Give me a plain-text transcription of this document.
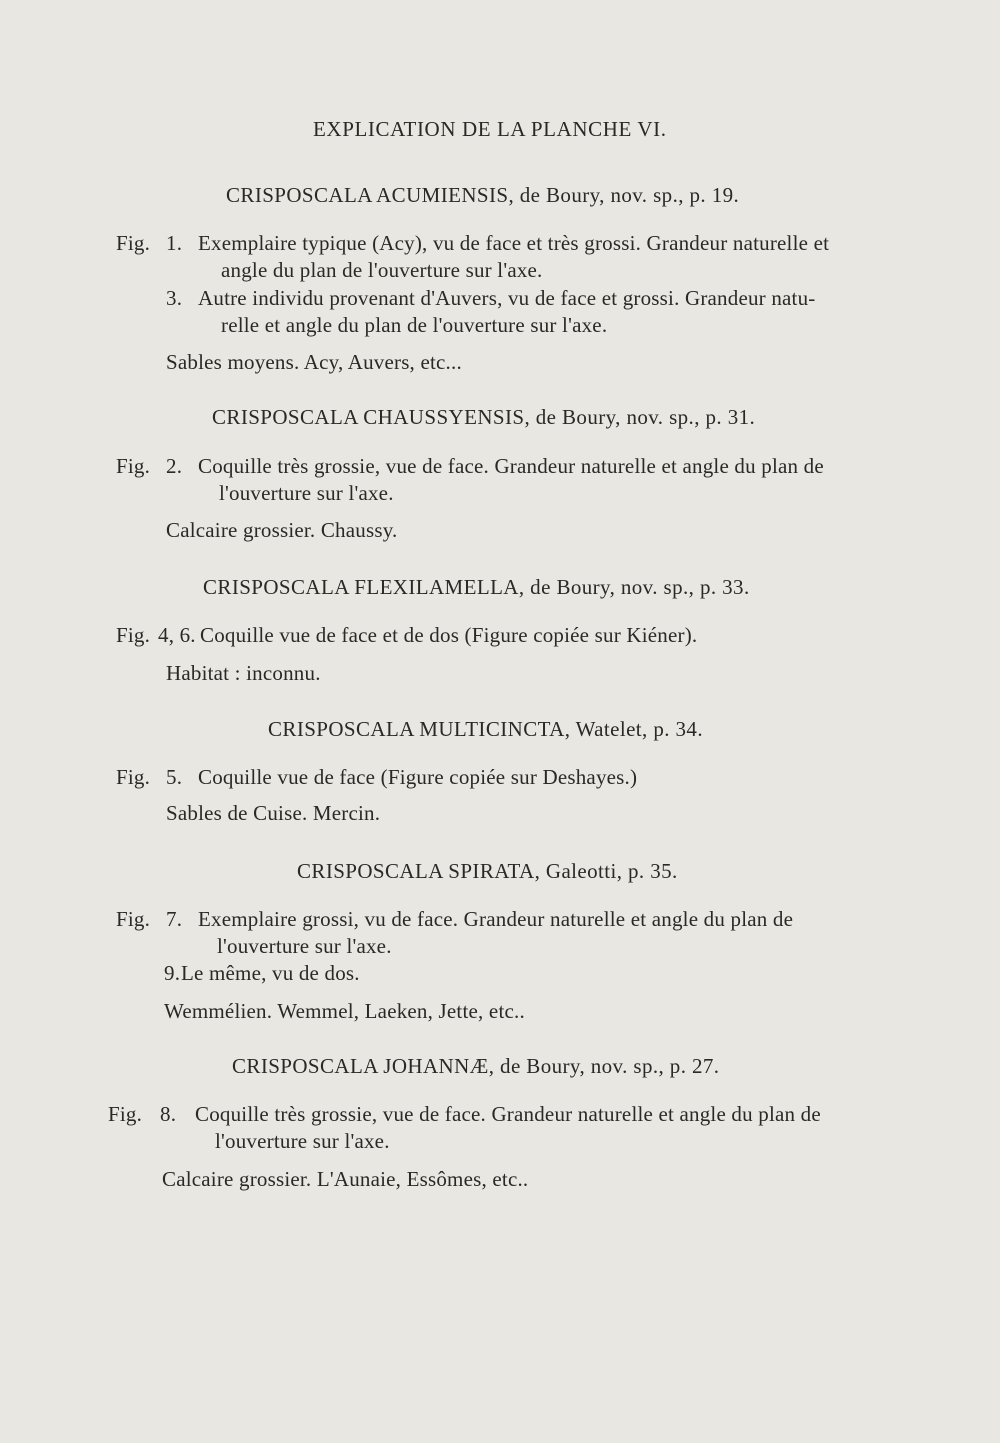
EXPLICATION DE LA PLANCHE VI.
CRISPOSCALA ACUMIENSIS, de Boury, nov. sp., p. 19.
Fig. 1. Exemplaire typique (Acy), vu de face et très grossi. Grandeur naturelle et
angle du plan de l'ouverture sur l'axe.
3. Autre individu provenant d'Auvers, vu de face et grossi. Grandeur natu-
relle et angle du plan de l'ouverture sur l'axe.
Sables moyens. Acy, Auvers, etc...
CRISPOSCALA CHAUSSYENSIS, de Boury, nov. sp., p. 31.
Fig. 2. Coquille très grossie, vue de face. Grandeur naturelle et angle du plan de
l'ouverture sur l'axe.
Calcaire grossier. Chaussy.
CRISPOSCALA FLEXILAMELLA, de Boury, nov. sp., p. 33.
Fig. 4, 6. Coquille vue de face et de dos (Figure copiée sur Kiéner).
Habitat : inconnu.
CRISPOSCALA MULTICINCTA, Watelet, p. 34.
Fig. 5. Coquille vue de face (Figure copiée sur Deshayes.)
Sables de Cuise. Mercin.
CRISPOSCALA SPIRATA, Galeotti, p. 35.
Fig. 7. Exemplaire grossi, vu de face. Grandeur naturelle et angle du plan de
l'ouverture sur l'axe.
9. Le même, vu de dos.
Wemmélien. Wemmel, Laeken, Jette, etc..
CRISPOSCALA JOHANNÆ, de Boury, nov. sp., p. 27.
Fig. 8. Coquille très grossie, vue de face. Grandeur naturelle et angle du plan de
l'ouverture sur l'axe.
Calcaire grossier. L'Aunaie, Essômes, etc..
